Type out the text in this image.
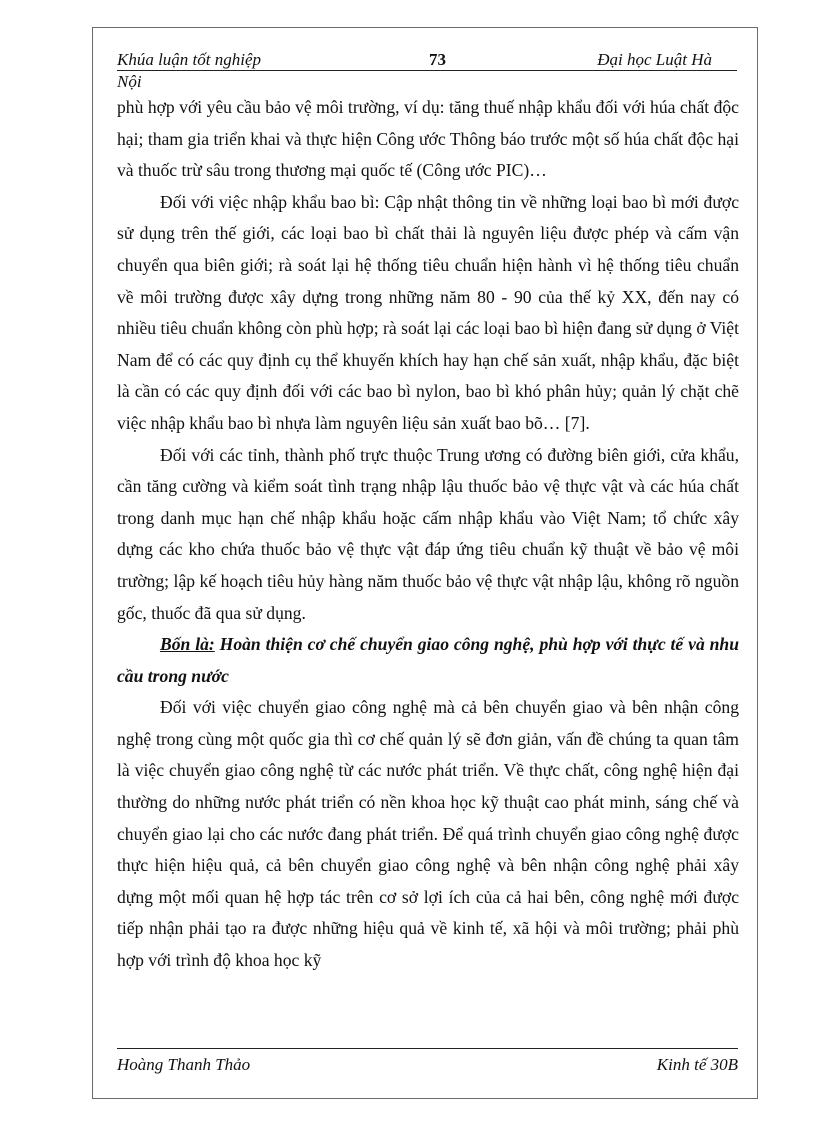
Khúa luận tốt nghiệp	73	Đại học Luật Hà
Nội

phù hợp với yêu cầu bảo vệ môi trường, ví dụ: tăng thuế nhập khẩu đối với húa chất độc hại; tham gia triển khai và thực hiện Công ước Thông báo trước một số húa chất độc hại và thuốc trừ sâu trong thương mại quốc tế (Công ước PIC)…

Đối với việc nhập khẩu bao bì: Cập nhật thông tin về những loại bao bì mới được sử dụng trên thế giới, các loại bao bì chất thải là nguyên liệu được phép và cấm vận chuyển qua biên giới; rà soát lại hệ thống tiêu chuẩn hiện hành vì hệ thống tiêu chuẩn về môi trường được xây dựng trong những năm 80 - 90 của thế kỷ XX, đến nay có nhiều tiêu chuẩn không còn phù hợp; rà soát lại các loại bao bì hiện đang sử dụng ở Việt Nam để có các quy định cụ thể khuyến khích hay hạn chế sản xuất, nhập khẩu, đặc biệt là cần có các quy định đối với các bao bì nylon, bao bì khó phân hủy; quản lý chặt chẽ việc nhập khẩu bao bì nhựa làm nguyên liệu sản xuất bao bõ… [7].

Đối với các tỉnh, thành phố trực thuộc Trung ương có đường biên giới, cửa khẩu, cần tăng cường và kiểm soát tình trạng nhập lậu thuốc bảo vệ thực vật và các húa chất trong danh mục hạn chế nhập khẩu hoặc cấm nhập khẩu vào Việt Nam; tổ chức xây dựng các kho chứa thuốc bảo vệ thực vật đáp ứng tiêu chuẩn kỹ thuật về bảo vệ môi trường; lập kế hoạch tiêu hủy hàng năm thuốc bảo vệ thực vật nhập lậu, không rõ nguồn gốc, thuốc đã qua sử dụng.

Bốn là: Hoàn thiện cơ chế chuyển giao công nghệ, phù hợp với thực tế và nhu cầu trong nước

Đối với việc chuyển giao công nghệ mà cả bên chuyển giao và bên nhận công nghệ trong cùng một quốc gia thì cơ chế quản lý sẽ đơn giản, vấn đề chúng ta quan tâm là việc chuyển giao công nghệ từ các nước phát triển. Về thực chất, công nghệ hiện đại thường do những nước phát triển có nền khoa học kỹ thuật cao phát minh, sáng chế và chuyển giao lại cho các nước đang phát triển. Để quá trình chuyển giao công nghệ được thực hiện hiệu quả, cả bên chuyển giao công nghệ và bên nhận công nghệ phải xây dựng một mối quan hệ hợp tác trên cơ sở lợi ích của cả hai bên, công nghệ mới được tiếp nhận phải tạo ra được những hiệu quả về kinh tế, xã hội và môi trường; phải phù hợp với trình độ khoa học kỹ

Hoàng Thanh Thảo	Kinh tế 30B
